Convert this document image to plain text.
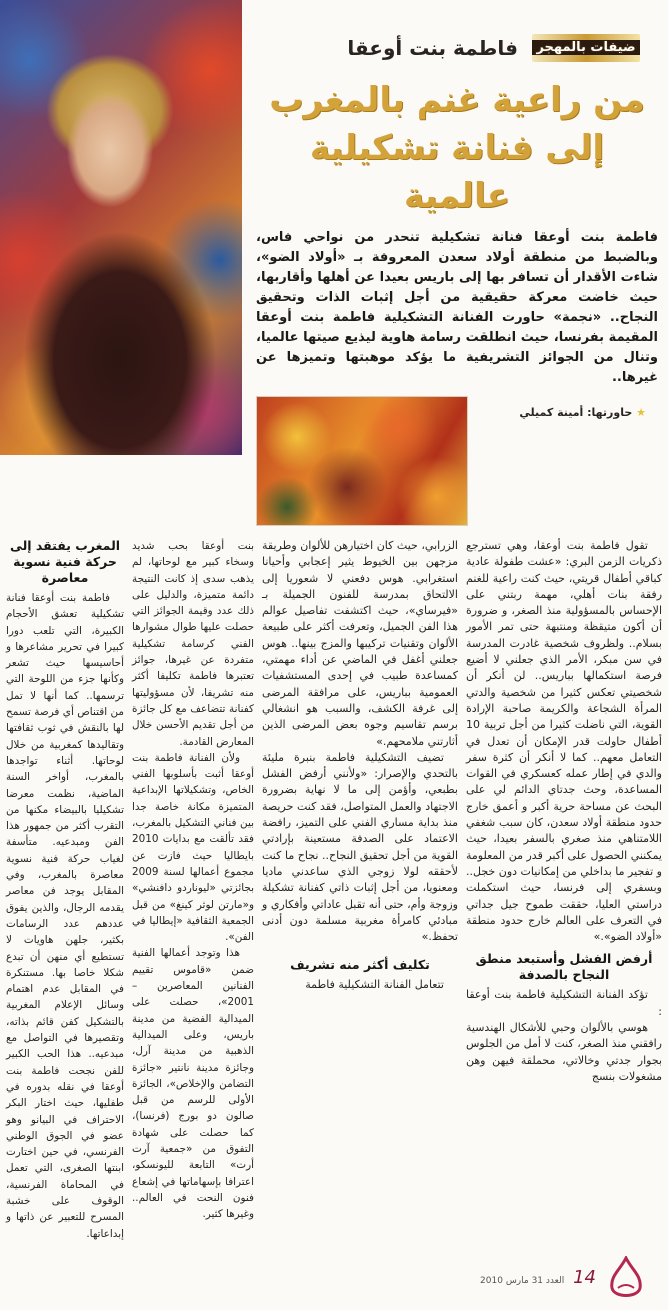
ضيفات بالمهجر
فاطمة بنت أوعقا
من راعية غنم بالمغرب
إلى فنانة تشكيلية عالمية
فاطمة بنت أوعقا فنانة تشكيلية تنحدر من نواحي فاس، وبالضبط من منطقة أولاد سعدن المعروفة بـ «أولاد الضو»، شاءت الأقدار أن تسافر بها إلى باريس بعيدا عن أهلها وأقاربها، حيث خاضت معركة حقيقية من أجل إثبات الذات وتحقيق النجاح.. «نجمة» حاورت الفنانة التشكيلية فاطمة بنت أوعقا المقيمة بفرنسا، حيث انطلقت رسامة هاوية ليذيع صيتها عالميا، وتنال من الجوائز التشريفية ما يؤكد موهبتها وتميزها عن غيرها..
★ حاورتها: أمينة كميلي

تقول فاطمة بنت أوعقا، وهي تسترجع ذكريات الزمن البري: «عشت طفولة عادية كباقي أطفال قريتي، حيث كنت راعية للغنم رفقة بنات أهلي، مهمة ربتني على الإحساس بالمسؤولية منذ الصغر، و ضرورة أن أكون متيقظة ومنتبهة حتى تمر الأمور بسلام.. ولظروف شخصية غادرت المدرسة في سن مبكر، الأمر الذي جعلني لا أضيع فرصة استكمالها بباريس.. لن أنكر أن شخصيتي تعكس كثيرا من شخصية والدتي المرأة الشجاعة والكريمة صاحبة الإرادة القوية، التي ناضلت كثيرا من أجل تربية 10 أطفال حاولت قدر الإمكان أن تعدل في التعامل معهم.. كما لا أنكر أن كثرة سفر والدي في إطار عمله كعسكري في القوات المساعدة، وحث جدتاي الدائم لي على البحث عن مساحة حرية أكبر و أعمق خارج حدود منطقة أولاد سعدن، كان سبب شغفي اللامتناهي منذ صغري بالسفر بعيدا، حيث يمكنني الحصول على أكبر قدر من المعلومة و تفجير ما بداخلي من إمكانيات دون خجل.. وبسفري إلى فرنسا، حيث استكملت دراستي العليا، حققت طموح جيل جداتي في التعرف على العالم خارج حدود منطقة «أولاد الضو».»

أرفض الفشل وأستبعد منطق النجاح بالصدفة

تؤكد الفنانة التشكيلية فاطمة بنت أوعقا :

هوسي بالألوان وحبي للأشكال الهندسية رافقني منذ الصغر، كنت لا أمل من الجلوس بجوار جدتي وخالاتي، محملقة فيهن وهن مشغولات بنسج

الزرابي، حيث كان اختيارهن للألوان وطريقة مزجهن بين الخيوط يثير إعجابي وأحيانا استغرابي. هوس دفعني لا شعوريا إلى الالتحاق بمدرسة للفنون الجميلة بـ «فيرساي»، حيث اكتشفت تفاصيل عوالم هذا الفن الجميل، وتعرفت أكثر على طبيعة الألوان وتقنيات تركيبها والمزج بينها.. هوس جعلني أغفل في الماضي عن أداء مهمتي، كمساعدة طبيب في إحدى المستشفيات العمومية بباريس، على مرافقة المرضى إلى غرفة الكشف، والسبب هو انشغالي برسم تقاسيم وجوه بعض المرضى الذين أثارتني ملامحهم.»

تضيف التشكيلية فاطمة بنبرة مليئة بالتحدي والإصرار: «ولأنني أرفض الفشل بطبعي، وأؤمن إلى ما لا نهاية بضرورة الاجتهاد والعمل المتواصل، فقد كنت حريصة منذ بداية مساري الفني على التميز، رافضة الاعتماد على الصدفة مستعينة بإرادتي القوية من أجل تحقيق النجاح.. نجاح ما كنت لأحققه لولا زوجي الذي ساعدني ماديا ومعنويا، من أجل إثبات ذاتي كفنانة تشكيلة وزوجة وأم، حتى أنه تقبل عاداتي وأفكاري و مبادئي كامرأة مغربية مسلمة دون أدنى تحفظ.»

تكليف أكثر منه تشريف

تتعامل الفنانة التشكيلية فاطمة

بنت أوعقا بحب شديد وسخاء كبير مع لوحاتها، لم يذهب سدى إذ كانت النتيجة دائمة متميزة، والدليل على ذلك عدد وقيمة الجوائز التي حصلت عليها طوال مشوارها الفني كرسامة تشكيلية متفردة عن غيرها، جوائز تعتبرها فاطمة تكليفا أكثر منه تشريفا، لأن مسؤوليتها كفنانة تتضاعف مع كل جائزة من أجل تقديم الأحسن خلال المعارض القادمة.

ولأن الفنانة فاطمة بنت أوعقا أثبت بأسلوبها الفني الخاص، وتشكيلاتها الإبداعية المتميزة مكانة خاصة جدا بين فناني التشكيل بالمغرب، فقد تألقت مع بدايات 2010 بايطاليا حيث فازت عن مجموع أعمالها لسنة 2009 بجائزتي «ليوناردو دافنشي» و«مارتن لوثر كينغ» من قبل الجمعية الثقافية «إيطاليا في الفن».

هذا وتوجد أعمالها الفنية ضمن «قاموس تقييم الفنانين المعاصرين – 2001»، حصلت على الميدالية الفضية من مدينة باريس، وعلى الميدالية الذهبية من مدينة آرل، وجائزة مدينة نانتير «جائزة التضامن والإخلاص»، الجائزة الأولى للرسم من قبل صالون دو بورج (فرنسا)، كما حصلت على شهادة التفوق من «جمعية آرت أرت» التابعة لليونسكو، اعترافا بإسهاماتها في إشعاع فنون النحت في العالم.. وغيرها كثير.

المغرب يفتقد إلى حركة فنية نسوية معاصرة

فاطمة بنت أوعقا فنانة تشكيلية تعشق الأحجام الكبيرة، التي تلعب دورا كبيرا في تحرير مشاعرها و أحاسيسها حيث تشعر وكأنها جزء من اللوحة التي ترسمها.. كما أنها لا تمل من اقتناص أي فرصة تسمح لها بالنقش في ثوب ثقافتها وتقاليدها كمغربية من خلال لوحاتها. أثناء تواجدها بالمغرب، أواخر السنة الماضية، نظمت معرضا تشكيليا بالبيضاء مكنها من التقرب أكثر من جمهور هذا الفن ومبدعيه. متأسفة لغياب حركة فنية نسوية معاصرة بالمغرب، وفي المقابل يوجد فن معاصر يقدمه الرجال، والذين يفوق عددهم عدد الرسامات بكثير، جلهن هاويات لا تستطيع أي منهن أن تبدع شكلا خاصا بها. مستنكرة في المقابل عدم اهتمام وسائل الإعلام المغربية بالتشكيل كفن قائم بذاته، وتقصيرها في التواصل مع مبدعيه.. هذا الحب الكبير للفن نجحت فاطمة بنت أوعقا في نقله بدوره في طفليها، حيث اختار البكر الاحتراف في البيانو وهو عضو في الجوق الوطني الفرنسي، في حين اختارت ابنتها الصغرى، التي تعمل في المحاماة الفرنسية، الوقوف على خشبة المسرح للتعبير عن ذاتها و إبداعاتها.

14 العدد 31 مارس 2010
